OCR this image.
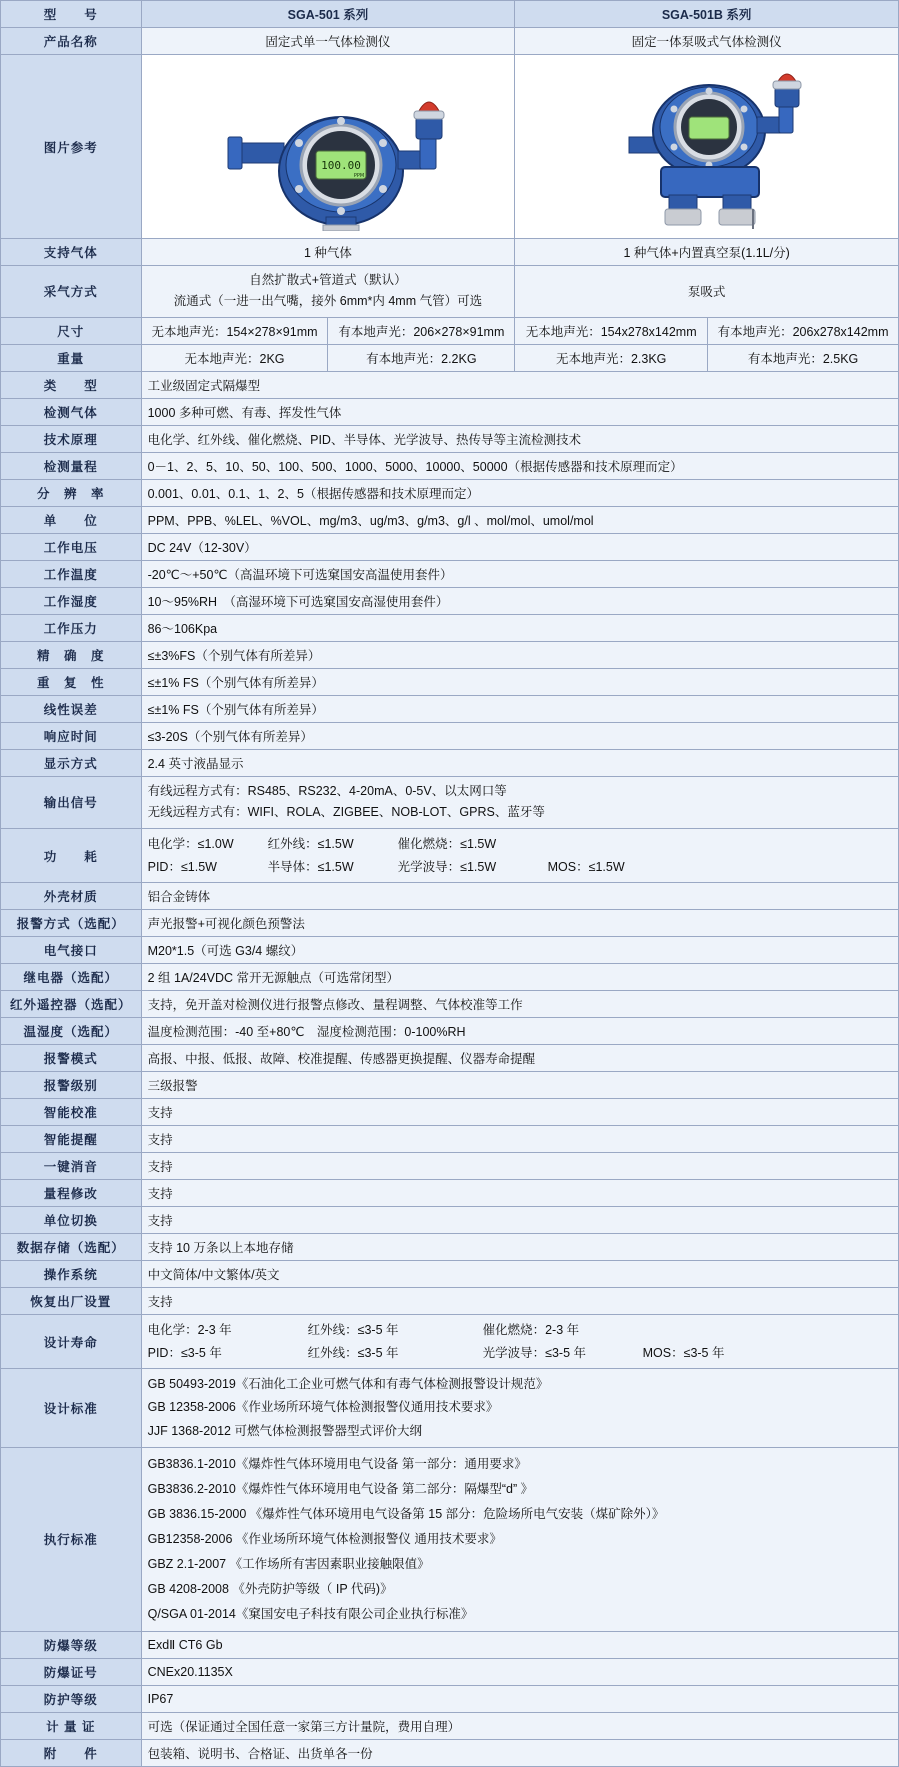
型　　号	SGA-501 系列		SGA-501B 系列	
产品名称	固定式单一气体检测仪		固定一体泵吸式气体检测仪	
图片参考	100.00
PPM

支持气体	1 种气体		1 种气体+内置真空泵(1.1L/分)	
采气方式	自然扩散式+管道式（默认）
流通式（一进一出气嘴，接外 6mm*内 4mm 气管）可选		泵吸式	
尺寸	无本地声光：154×278×91mm	有本地声光：206×278×91mm	无本地声光：154x278x142mm	有本地声光：206x278x142mm
重量	无本地声光：2KG	有本地声光：2.2KG	无本地声光：2.3KG	有本地声光：2.5KG
类　　型	工业级固定式隔爆型			
检测气体	1000 多种可燃、有毒、挥发性气体			
技术原理	电化学、红外线、催化燃烧、PID、半导体、光学波导、热传导等主流检测技术			
检测量程	0－1、2、5、10、50、100、500、1000、5000、10000、50000（根据传感器和技术原理而定）			
分　辨　率	0.001、0.01、0.1、1、2、5（根据传感器和技术原理而定）			
单　　位	PPM、PPB、%LEL、%VOL、mg/m3、ug/m3、g/m3、g/l 、mol/mol、umol/mol			
工作电压	DC 24V（12-30V）			
工作温度	-20℃～+50℃（高温环境下可选窠国安高温使用套件）			
工作湿度	10～95%RH　（高湿环境下可选窠国安高湿使用套件）			
工作压力	86～106Kpa			
精　确　度	≤±3%FS（个别气体有所差异）			
重　复　性	≤±1% FS（个别气体有所差异）			
线性误差	≤±1% FS（个别气体有所差异）			
响应时间	≤3-20S（个别气体有所差异）			
显示方式	2.4 英寸液晶显示			
输出信号	有线远程方式有：RS485、RS232、4-20mA、0-5V、以太网口等
无线远程方式有：WIFI、ROLA、ZIGBEE、NOB-LOT、GPRS、蓝牙等			

功　　耗	
电化学：≤1.0W	红外线：≤1.5W	催化燃烧：≤1.5W
PID：≤1.5W	半导体：≤1.5W	光学波导：≤1.5W	MOS：≤1.5W

外壳材质	铝合金铸体			
报警方式（选配）	声光报警+可视化颜色预警法			
电气接口	M20*1.5（可选 G3/4 螺纹）			
继电器（选配）	2 组 1A/24VDC 常开无源触点（可选常闭型）			
红外遥控器（选配）	支持，免开盖对检测仪进行报警点修改、量程调整、气体校准等工作			
温湿度（选配）	温度检测范围：-40 至+80℃　湿度检测范围：0-100%RH			
报警模式	高报、中报、低报、故障、校准提醒、传感器更换提醒、仪器寿命提醒			
报警级别	三级报警			
智能校准	支持			
智能提醒	支持			
一键消音	支持			
量程修改	支持			
单位切换	支持			
数据存储（选配）	支持 10 万条以上本地存储			
操作系统	中文简体/中文繁体/英文			
恢复出厂设置	支持			
设计寿命	
电化学：2-3 年	红外线：≤3-5 年	催化燃烧：2-3 年
PID：≤3-5 年	红外线：≤3-5 年	光学波导：≤3-5 年	MOS：≤3-5 年

设计标准	GB 50493-2019《石油化工企业可燃气体和有毒气体检测报警设计规范》
GB 12358-2006《作业场所环境气体检测报警仪通用技术要求》
JJF 1368-2012 可燃气体检测报警器型式评价大纲			

执行标准	
GB3836.1-2010《爆炸性气体环境用电气设备 第一部分：通用要求》
GB3836.2-2010《爆炸性气体环境用电气设备 第二部分：隔爆型“d” 》
GB 3836.15-2000 《爆炸性气体环境用电气设备第 15 部分：危险场所电气安装（煤矿除外）》
GB12358-2006 《作业场所环境气体检测报警仪 通用技术要求》
GBZ 2.1-2007 《工作场所有害因素职业接触限值》
GB 4208-2008 《外壳防护等级（ IP 代码)》
Q/SGA 01-2014《窠国安电子科技有限公司企业执行标准》

防爆等级	ExdⅡ CT6 Gb			
防爆证号	CNEx20.1135X			
防护等级	IP67			
计 量 证	可选（保证通过全国任意一家第三方计量院，费用自理）			
附　　件	包装箱、说明书、合格证、出货单各一份			
